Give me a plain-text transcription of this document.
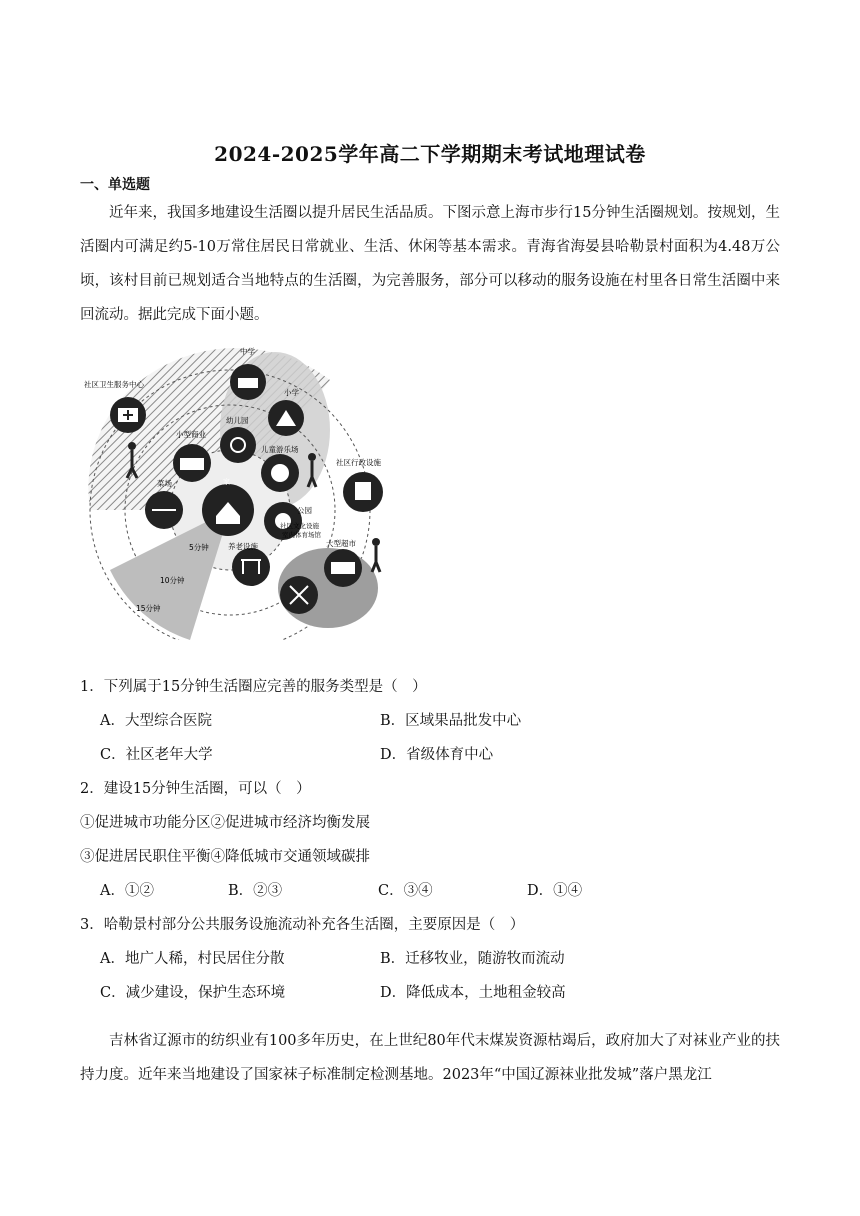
2024-2025学年高二下学期期末考试地理试卷
一、单选题
近年来，我国多地建设生活圈以提升居民生活品质。下图示意上海市步行15分钟生活圈规划。按规划，生活圈内可满足约5-10万常住居民日常就业、生活、休闲等基本需求。青海省海晏县哈勒景村面积为4.48万公顷，该村目前已规划适合当地特点的生活圈，为完善服务，部分可以移动的服务设施在村里各日常生活圈中来回流动。据此完成下面小题。
中学
社区卫生服务中心
小学
幼儿园
小型商业
儿童游乐场
社区行政设施
菜场	家
公园
5分钟	养老设施
社区文化设施
室内体育场馆
大型超市
10分钟
15分钟
1．下列属于15分钟生活圈应完善的服务类型是（　）
A．大型综合医院	B．区域果品批发中心
C．社区老年大学	D．省级体育中心
2．建设15分钟生活圈，可以（　）
①促进城市功能分区②促进城市经济均衡发展
③促进居民职住平衡④降低城市交通领域碳排
A．①②	B．②③	C．③④	D．①④
3．哈勒景村部分公共服务设施流动补充各生活圈，主要原因是（　）
A．地广人稀，村民居住分散	B．迁移牧业，随游牧而流动
C．减少建设，保护生态环境	D．降低成本，土地租金较高
吉林省辽源市的纺织业有100多年历史，在上世纪80年代末煤炭资源枯竭后，政府加大了对袜业产业的扶持力度。近年来当地建设了国家袜子标准制定检测基地。2023年“中国辽源袜业批发城”落户黑龙江
